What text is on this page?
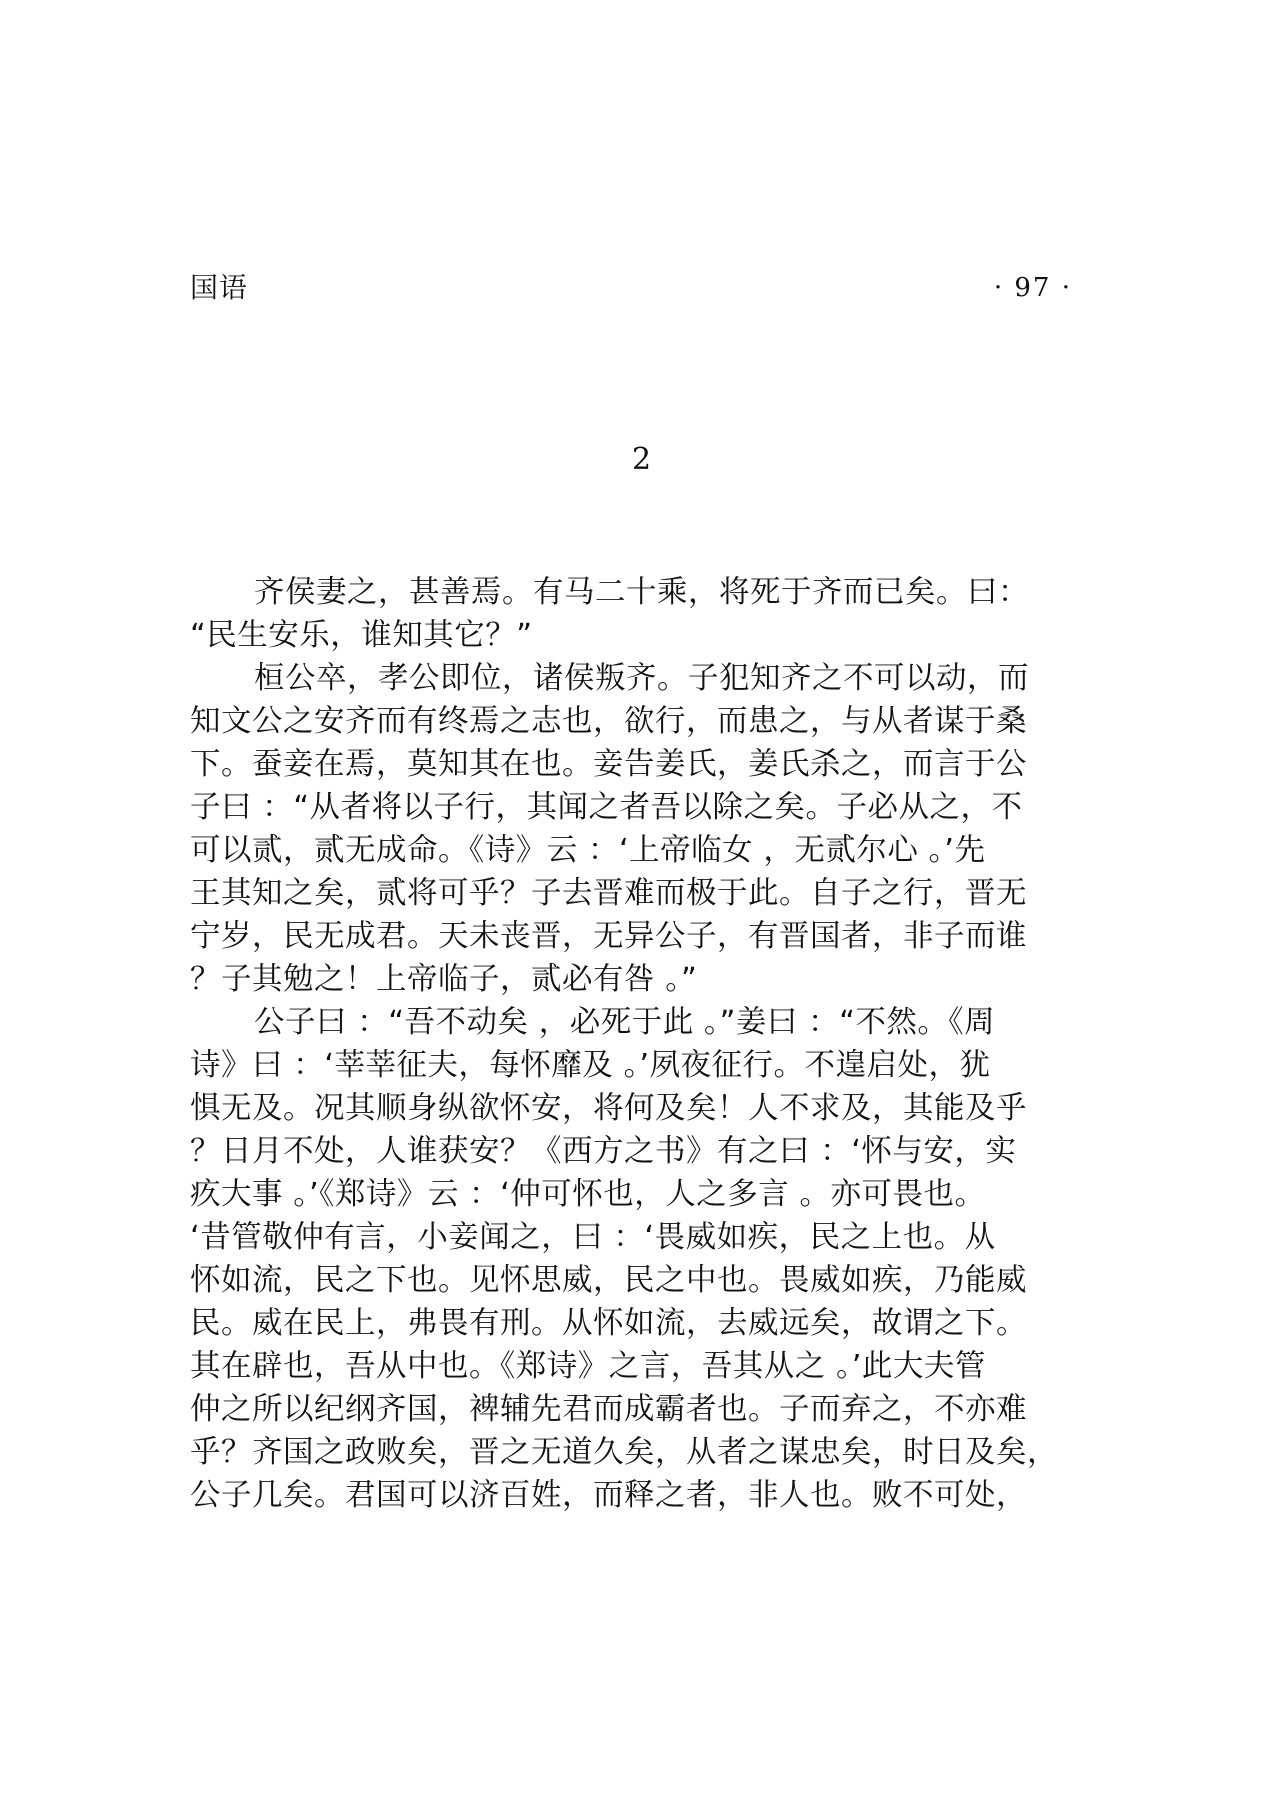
国语	· 97 ·
2
齐侯妻之，甚善焉。有马二十乘，将死于齐而已矣。曰：
“民生安乐，谁知其它？”
桓公卒，孝公即位，诸侯叛齐。子犯知齐之不可以动，而
知文公之安齐而有终焉之志也，欲行，而患之，与从者谋于桑
下。蚕妾在焉，莫知其在也。妾告姜氏，姜氏杀之，而言于公
子曰 ：“从者将以子行，其闻之者吾以除之矣。子必从之，不
可以贰，贰无成命。《诗》云 ：‘上帝临女 ，无贰尔心 。’先
王其知之矣，贰将可乎？子去晋难而极于此。自子之行，晋无
宁岁，民无成君。天未丧晋，无异公子，有晋国者，非子而谁
？子其勉之！上帝临子，贰必有咎 。”
公子曰 ：“吾不动矣 ，必死于此 。”姜曰 ：“不然。《周
诗》曰 ：‘莘莘征夫，每怀靡及 。’夙夜征行。不遑启处，犹
惧无及。况其顺身纵欲怀安，将何及矣！人不求及，其能及乎
？日月不处，人谁获安？《西方之书》有之曰 ：‘怀与安，实
疚大事 。’《郑诗》云 ：‘仲可怀也，人之多言 。亦可畏也。
‘昔管敬仲有言，小妾闻之，曰 ：‘畏威如疾，民之上也。从
怀如流，民之下也。见怀思威，民之中也。畏威如疾，乃能威
民。威在民上，弗畏有刑。从怀如流，去威远矣，故谓之下。
其在辟也，吾从中也。《郑诗》之言，吾其从之 。’此大夫管
仲之所以纪纲齐国，裨辅先君而成霸者也。子而弃之，不亦难
乎？齐国之政败矣，晋之无道久矣，从者之谋忠矣，时日及矣，
公子几矣。君国可以济百姓，而释之者，非人也。败不可处，
